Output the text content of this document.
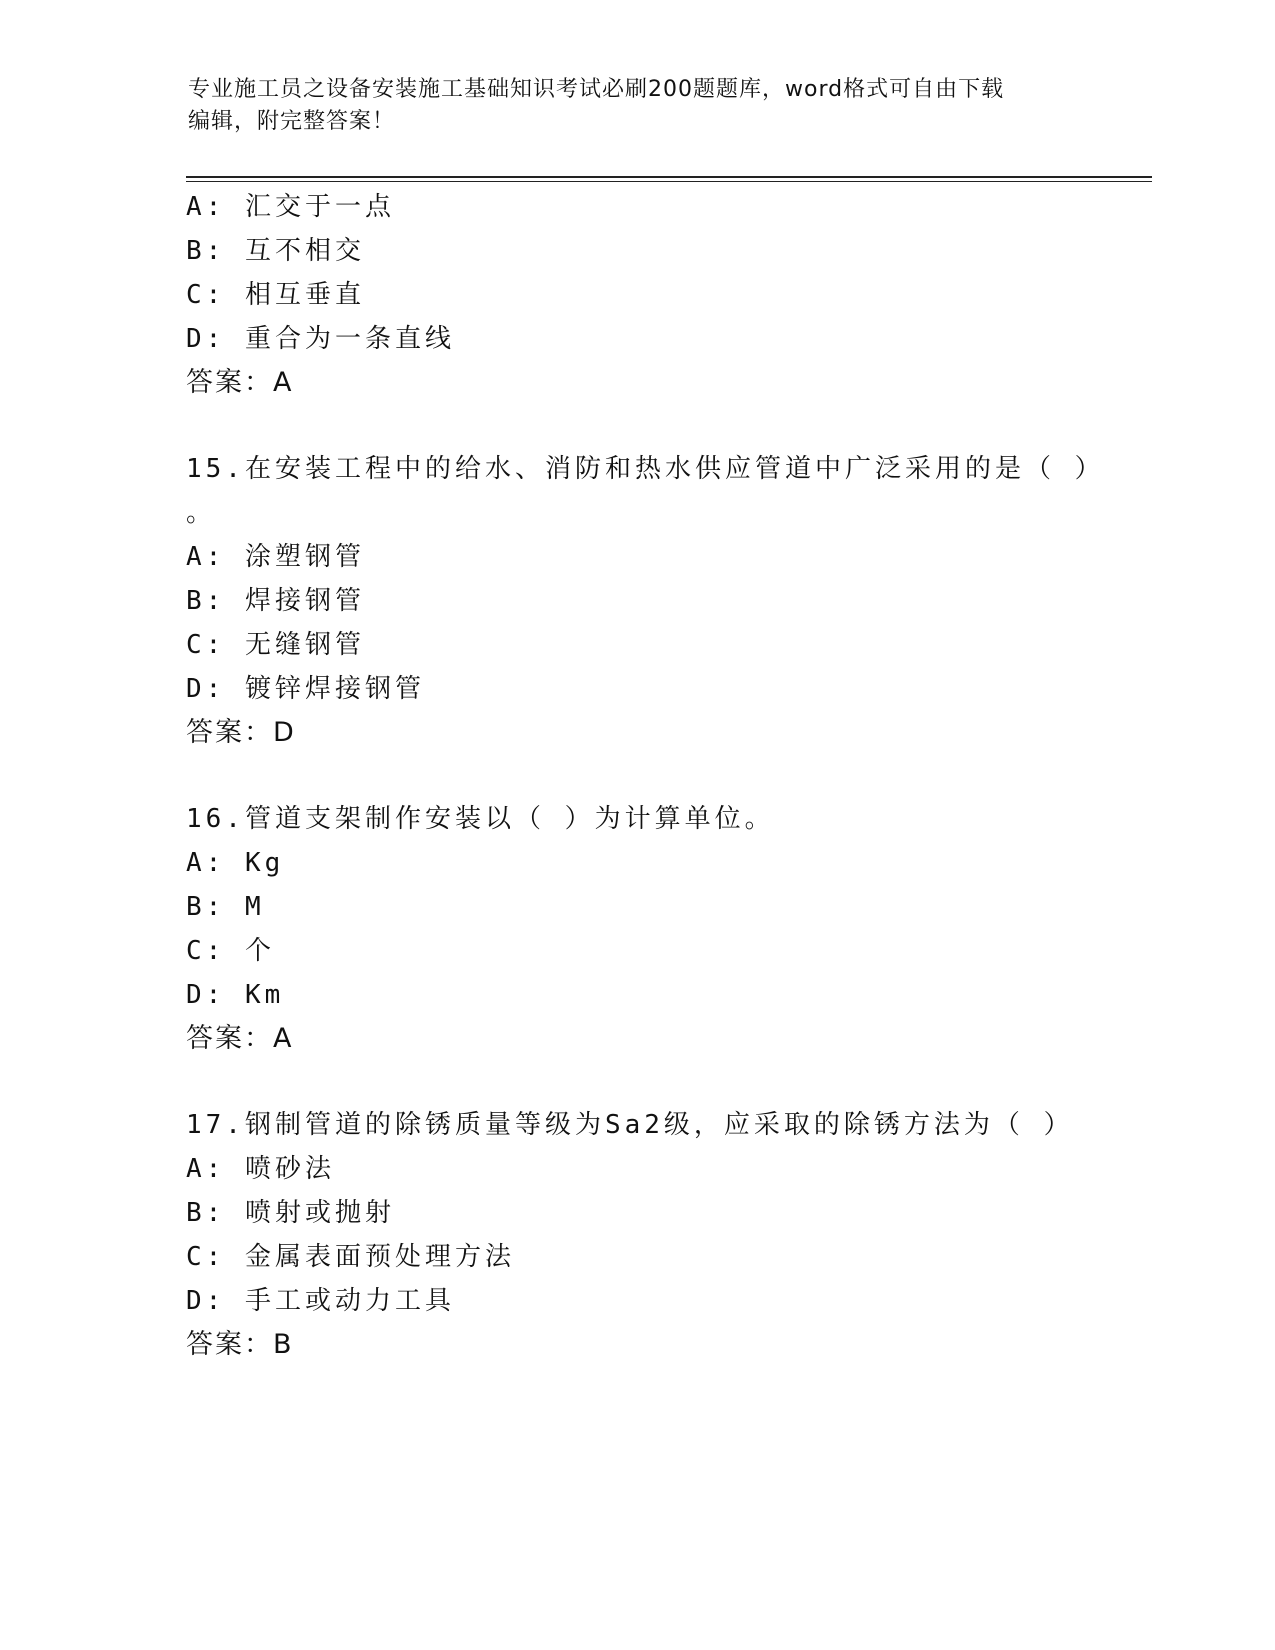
专业施工员之设备安装施工基础知识考试必刷200题题库，word格式可自由下载
编辑，附完整答案！
A: 汇交于一点
B: 互不相交
C: 相互垂直
D: 重合为一条直线
答案：A
15.在安装工程中的给水、消防和热水供应管道中广泛采用的是（ ）
。
A: 涂塑钢管
B: 焊接钢管
C: 无缝钢管
D: 镀锌焊接钢管
答案：D
16.管道支架制作安装以（ ）为计算单位。
A: Kg
B: M
C: 个
D: Km
答案：A
17.钢制管道的除锈质量等级为Sa2级，应采取的除锈方法为（ ）
A: 喷砂法
B: 喷射或抛射
C: 金属表面预处理方法
D: 手工或动力工具
答案：B
